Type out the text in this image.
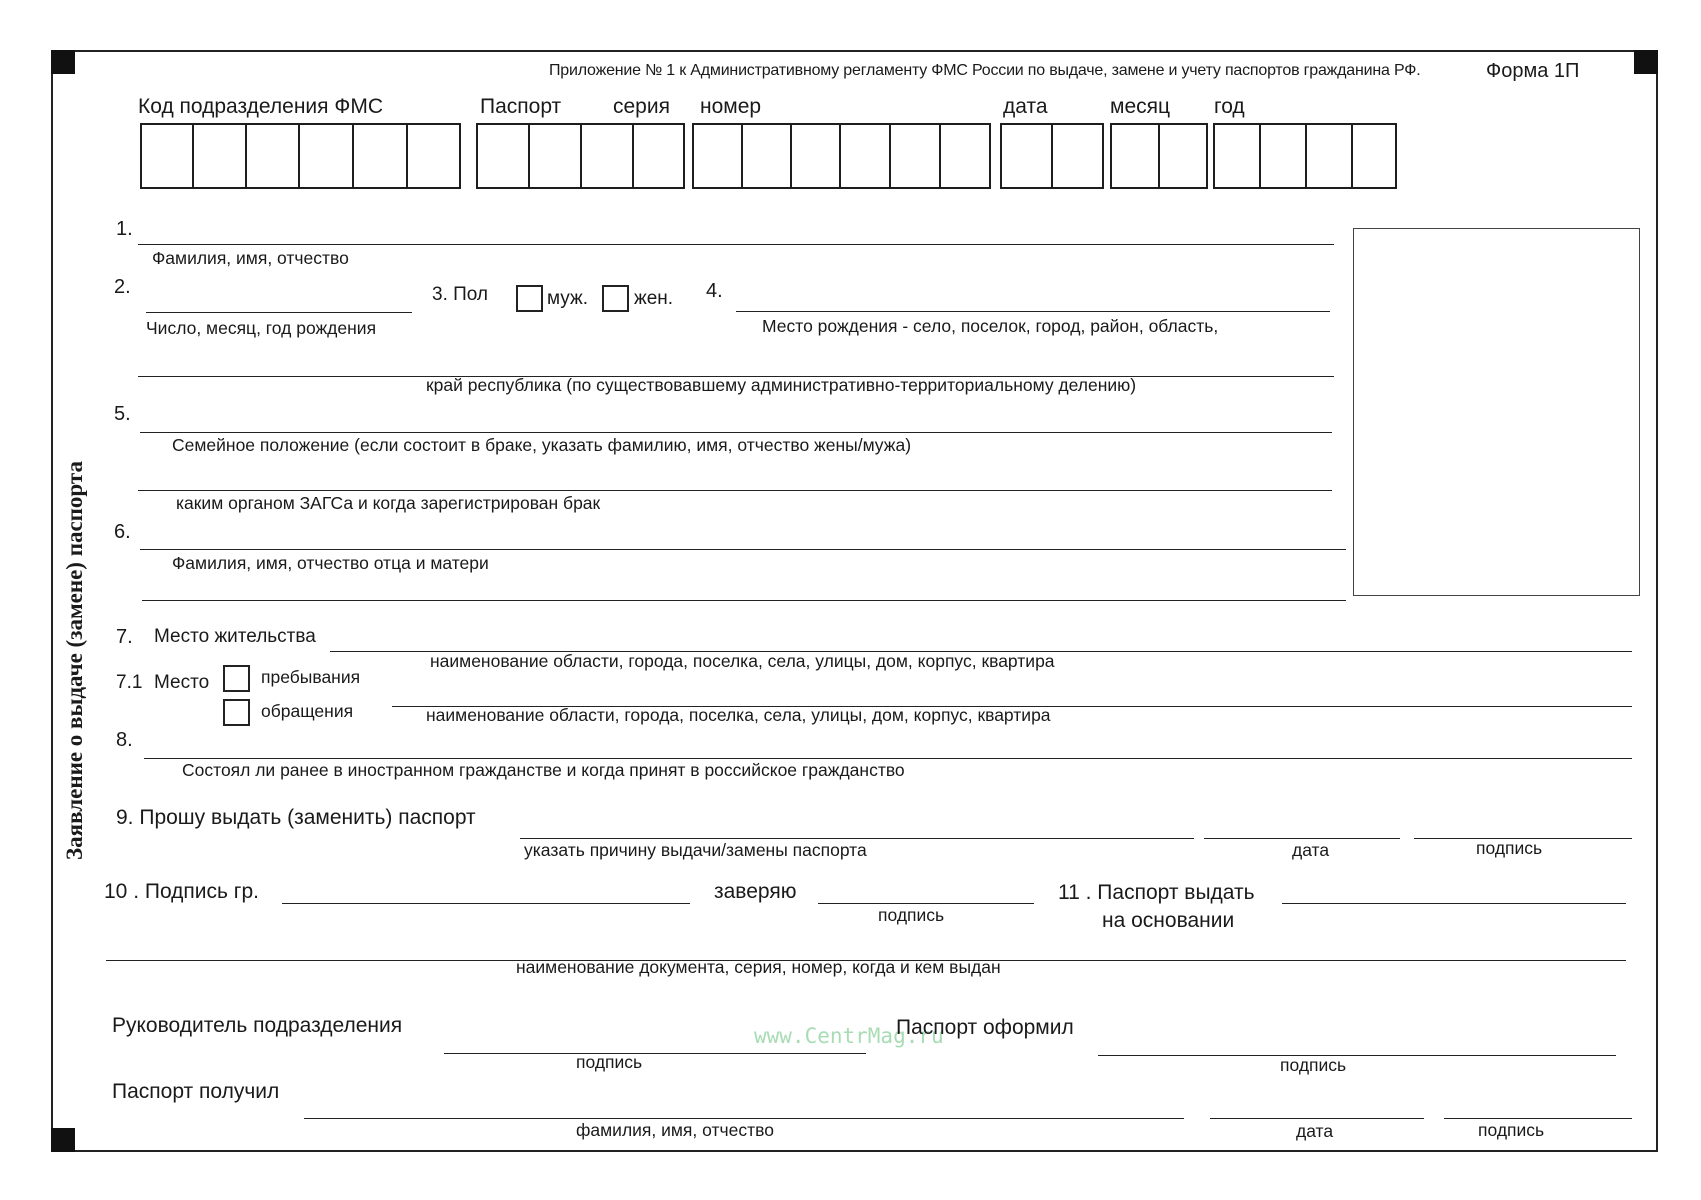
Приложение № 1 к Административному регламенту ФМС России по выдаче, замене и учету паспортов гражданина РФ.	Форма 1П
Код подразделения ФМС	Паспорт серия номер	дата	месяц год
Заявление о выдаче (замене) паспорта
1.
Фамилия, имя, отчество
2.
Число, месяц, год рождения
3. Пол	муж. жен. 4.
Место рождения - село, поселок, город, район, область,
край республика (по существовавшему административно-территориальному делению)
5.
Семейное положение (если состоит в браке, указать фамилию, имя, отчество жены/мужа)
каким органом ЗАГСа и когда зарегистрирован брак
6.
Фамилия, имя, отчество отца и матери
7. Место жительства
наименование области, города, поселка, села, улицы, дом, корпус, квартира
7.1 Место	пребывания
обращения	наименование области, города, поселка, села, улицы, дом, корпус, квартира
8.
Состоял ли ранее в иностранном гражданстве и когда принят в российское гражданство
9. Прошу выдать (заменить) паспорт
указать причину выдачи/замены паспорта	дата	подпись
10 . Подпись гр.	заверяю
подпись
11 . Паспорт выдать
на основании
наименование документа, серия, номер, когда и кем выдан
Руководитель подразделения
подпись
www.CentrMag.ru
Паспорт оформил
подпись
Паспорт получил
фамилия, имя, отчество	дата	подпись
